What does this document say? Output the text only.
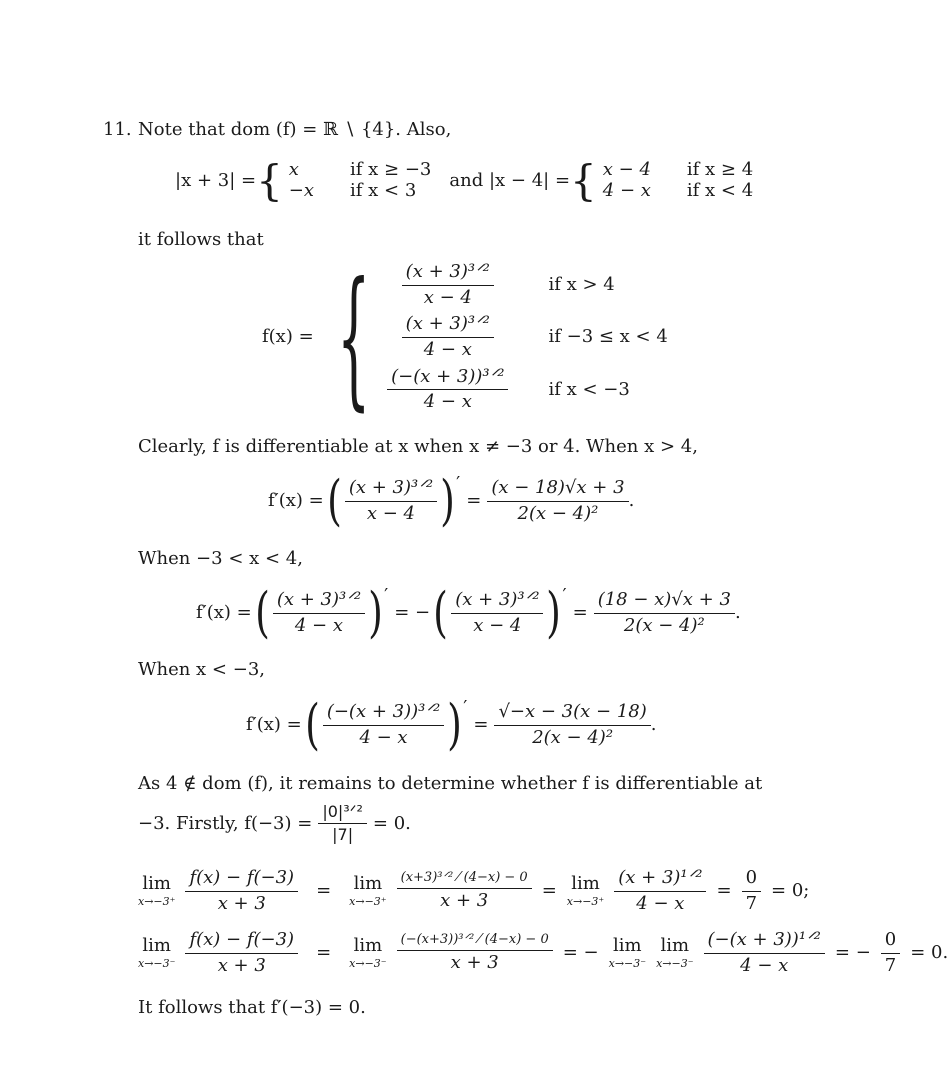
11. Note that dom (f) = ℝ ∖ {4}. Also,
|x + 3| = { x	if x ≥ −3
−x if x < 3	and |x − 4| = { x − 4 if x ≥ 4
4 − x if x < 4
it follows that
f(x) = { $\frac{\text{(x + 3)³ᐟ²}}{x - 4}$ if x > 4
$\frac{\text{(x + 3)³ᐟ²}}{4 - x}$ if −3 ≤ x < 4
$\frac{\text{(−(x + 3))³ᐟ²}}{4 - x}$ if x < −3
Clearly, f is differentiable at x when x ≠ −3 or 4. When x > 4,
f′(x) = ( $\frac{\text{(x + 3)³ᐟ²}}{x - 4}$ ) ′
= $\frac{(x - 18)√x + 3}{\text{2(x − 4)²}}$ .
When −3 < x < 4,
f′(x) = ( $\frac{\text{(x + 3)³ᐟ²}}{4 - x}$ ) ′
= − ( $\frac{\text{(x + 3)³ᐟ²}}{x - 4}$ ) ′
= $\frac{(18 - x)√x + 3}{\text{2(x − 4)²}}$ .
When x < −3,
f′(x) = ( $\frac{\text{(−(x + 3))³ᐟ²}}{4 - x}$ ) ′
= $\frac{√-x - 3(x - 18)}{\text{2(x − 4)²}}$ .
As 4 ∉ dom (f), it remains to determine whether f is differentiable at
−3. Firstly, $f(-3) = \frac{\text{|0|³ᐟ²}}{|7|} = 0$.
lim
$x\to-3^+ \frac{f(x) - f(-3)}{x + 3} = \lim$
$x\to-3^+ \frac{\text{(x+3)³ᐟ² ⁄ (4−x) − 0}}{x + 3} = \lim$
$x\to-3^+ \frac{\text{(x + 3)¹ᐟ²}}{4 - x} = \frac{0}{7} = 0$;
lim
$x\to-3^- \frac{f(x) - f(-3)}{x + 3} = \lim$
$x\to-3^- \frac{\text{(−(x+3))³ᐟ² ⁄ (4−x) − 0}}{x + 3}$ = − lim
x→−3⁻
lim
$x\to-3^- \frac{\text{(−(x + 3))¹ᐟ²}}{4 - x}$ = − $\frac{0}{7} = 0$.
It follows that f′(−3) = 0.
